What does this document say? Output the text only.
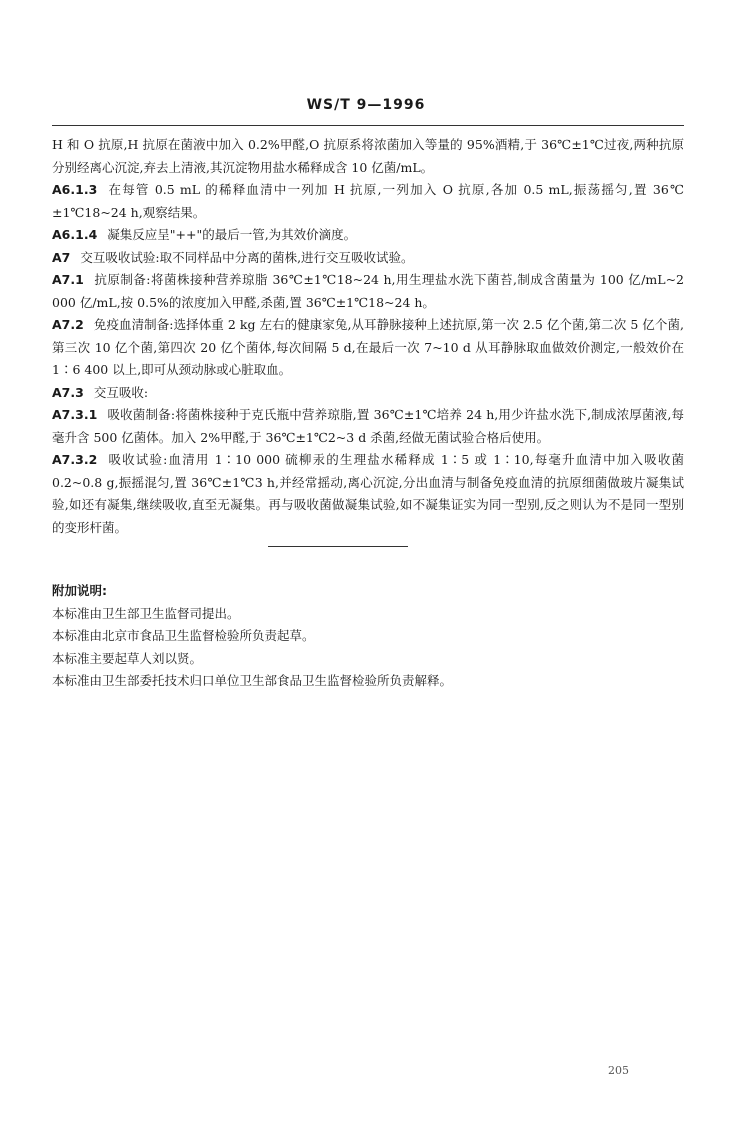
WS/T 9—1996

H 和 O 抗原,H 抗原在菌液中加入 0.2%甲醛,O 抗原系将浓菌加入等量的 95%酒精,于 36℃±1℃过夜,两种抗原分别经离心沉淀,弃去上清液,其沉淀物用盐水稀释成含 10 亿菌/mL。

A6.1.3 在每管 0.5 mL 的稀释血清中一列加 H 抗原,一列加入 O 抗原,各加 0.5 mL,振荡摇匀,置 36℃±1℃18~24 h,观察结果。

A6.1.4 凝集反应呈"++"的最后一管,为其效价滴度。

A7 交互吸收试验:取不同样品中分离的菌株,进行交互吸收试验。

A7.1 抗原制备:将菌株接种营养琼脂 36℃±1℃18~24 h,用生理盐水洗下菌苔,制成含菌量为 100 亿/mL~2 000 亿/mL,按 0.5%的浓度加入甲醛,杀菌,置 36℃±1℃18~24 h。

A7.2 免疫血清制备:选择体重 2 kg 左右的健康家兔,从耳静脉接种上述抗原,第一次 2.5 亿个菌,第二次 5 亿个菌,第三次 10 亿个菌,第四次 20 亿个菌体,每次间隔 5 d,在最后一次 7~10 d 从耳静脉取血做效价测定,一般效价在 1∶6 400 以上,即可从颈动脉或心脏取血。

A7.3 交互吸收:

A7.3.1 吸收菌制备:将菌株接种于克氏瓶中营养琼脂,置 36℃±1℃培养 24 h,用少许盐水洗下,制成浓厚菌液,每毫升含 500 亿菌体。加入 2%甲醛,于 36℃±1℃2~3 d 杀菌,经做无菌试验合格后使用。

A7.3.2 吸收试验:血清用 1∶10 000 硫柳汞的生理盐水稀释成 1∶5 或 1∶10,每毫升血清中加入吸收菌 0.2~0.8 g,振摇混匀,置 36℃±1℃3 h,并经常摇动,离心沉淀,分出血清与制备免疫血清的抗原细菌做玻片凝集试验,如还有凝集,继续吸收,直至无凝集。再与吸收菌做凝集试验,如不凝集证实为同一型别,反之则认为不是同一型别的变形杆菌。

附加说明:

本标准由卫生部卫生监督司提出。

本标准由北京市食品卫生监督检验所负责起草。

本标准主要起草人刘以贤。

本标准由卫生部委托技术归口单位卫生部食品卫生监督检验所负责解释。

205
